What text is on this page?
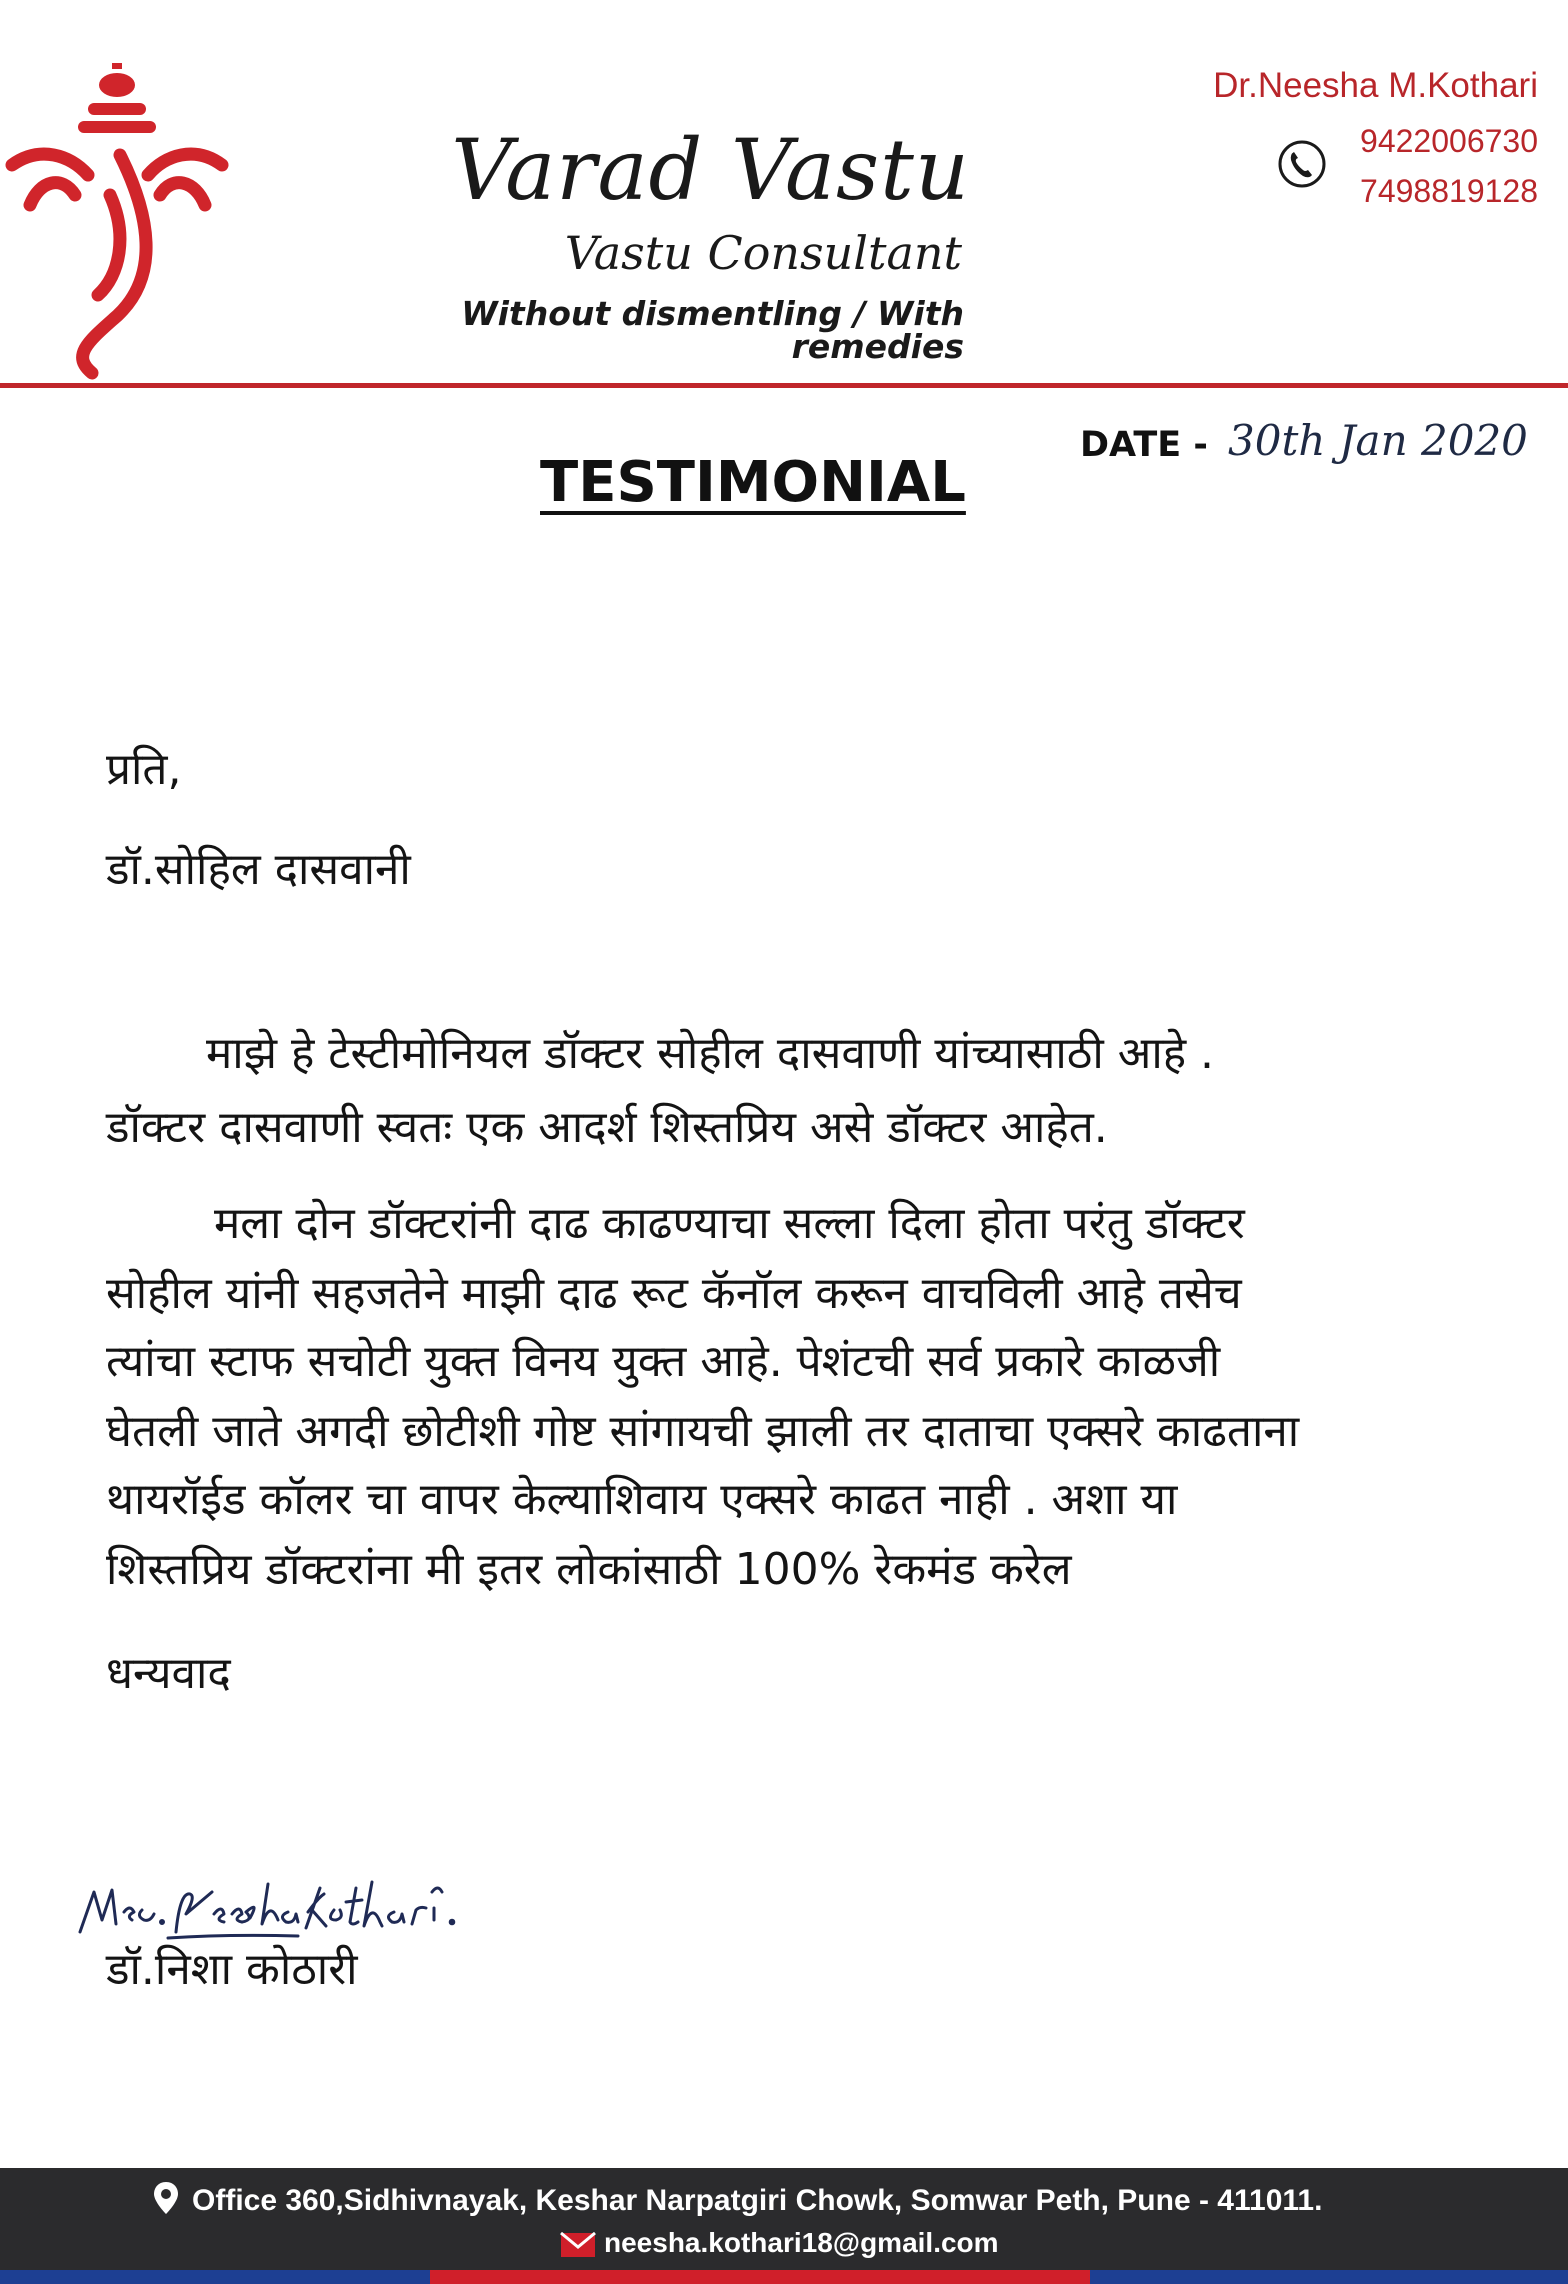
Varad Vastu
Vastu Consultant
Without dismentling / With remedies
Dr.Neesha M.Kothari
9422006730
7498819128
TESTIMONIAL
DATE - 30th Jan 2020
प्रति,
डॉ.सोहिल दासवानी
माझे हे टेस्टीमोनियल डॉक्टर सोहील दासवाणी यांच्यासाठी आहे .
डॉक्टर दासवाणी स्वतः एक आदर्श शिस्तप्रिय असे डॉक्टर आहेत.
मला दोन डॉक्टरांनी दाढ काढण्याचा सल्ला दिला होता परंतु डॉक्टर
सोहील यांनी सहजतेने माझी दाढ रूट कॅनॉल करून वाचविली आहे तसेच
त्यांचा स्टाफ सचोटी युक्त विनय युक्त आहे. पेशंटची सर्व प्रकारे काळजी
घेतली जाते अगदी छोटीशी गोष्ट सांगायची झाली तर दाताचा एक्सरे काढताना
थायरॉईड कॉलर चा वापर केल्याशिवाय एक्सरे काढत नाही . अशा या
शिस्तप्रिय डॉक्टरांना मी इतर लोकांसाठी 100% रेकमंड करेल
धन्यवाद
Mrs. Neesha kothari.
डॉ.निशा कोठारी
Office 360,Sidhivnayak, Keshar Narpatgiri Chowk, Somwar Peth, Pune - 411011.
neesha.kothari18@gmail.com
